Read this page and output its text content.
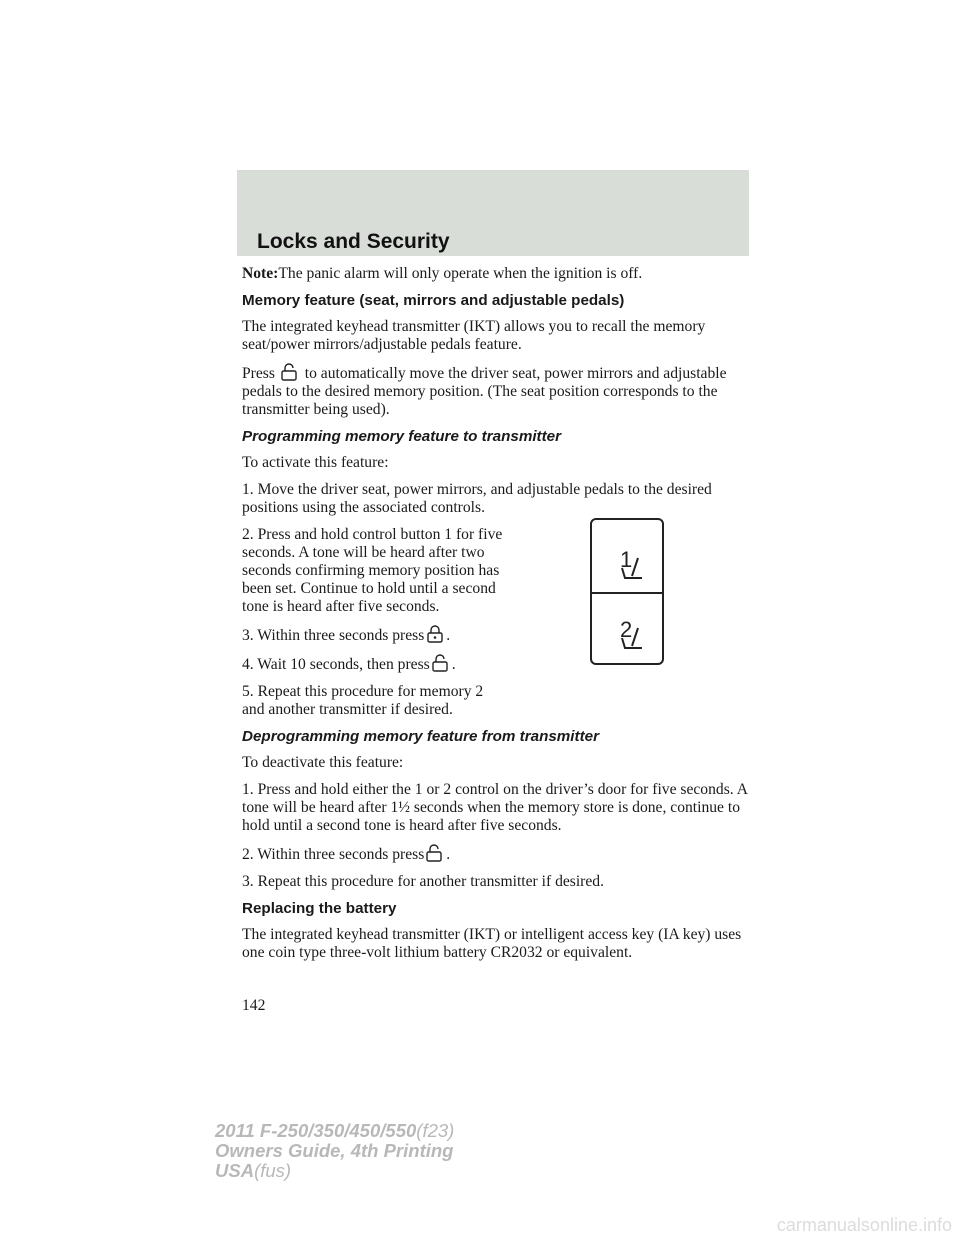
Locks and Security

Note:The panic alarm will only operate when the ignition is off.

Memory feature (seat, mirrors and adjustable pedals)

The integrated keyhead transmitter (IKT) allows you to recall the memory seat/power mirrors/adjustable pedals feature.

Press to automatically move the driver seat, power mirrors and adjustable pedals to the desired memory position. (The seat position corresponds to the transmitter being used).

Programming memory feature to transmitter

To activate this feature:

1. Move the driver seat, power mirrors, and adjustable pedals to the desired positions using the associated controls.

2. Press and hold control button 1 for five seconds. A tone will be heard after two seconds confirming memory position has been set. Continue to hold until a second tone is heard after five seconds.

3. Within three seconds press .

4. Wait 10 seconds, then press .

5. Repeat this procedure for memory 2 and another transmitter if desired.

Deprogramming memory feature from transmitter

To deactivate this feature:

1. Press and hold either the 1 or 2 control on the driver’s door for five seconds. A tone will be heard after 1½ seconds when the memory store is done, continue to hold until a second tone is heard after five seconds.

2. Within three seconds press .

3. Repeat this procedure for another transmitter if desired.

Replacing the battery

The integrated keyhead transmitter (IKT) or intelligent access key (IA key) uses one coin type three-volt lithium battery CR2032 or equivalent.

1
2
142
2011 F-250/350/450/550(f23)
Owners Guide, 4th Printing
USA(fus)
carmanualsonline.info
